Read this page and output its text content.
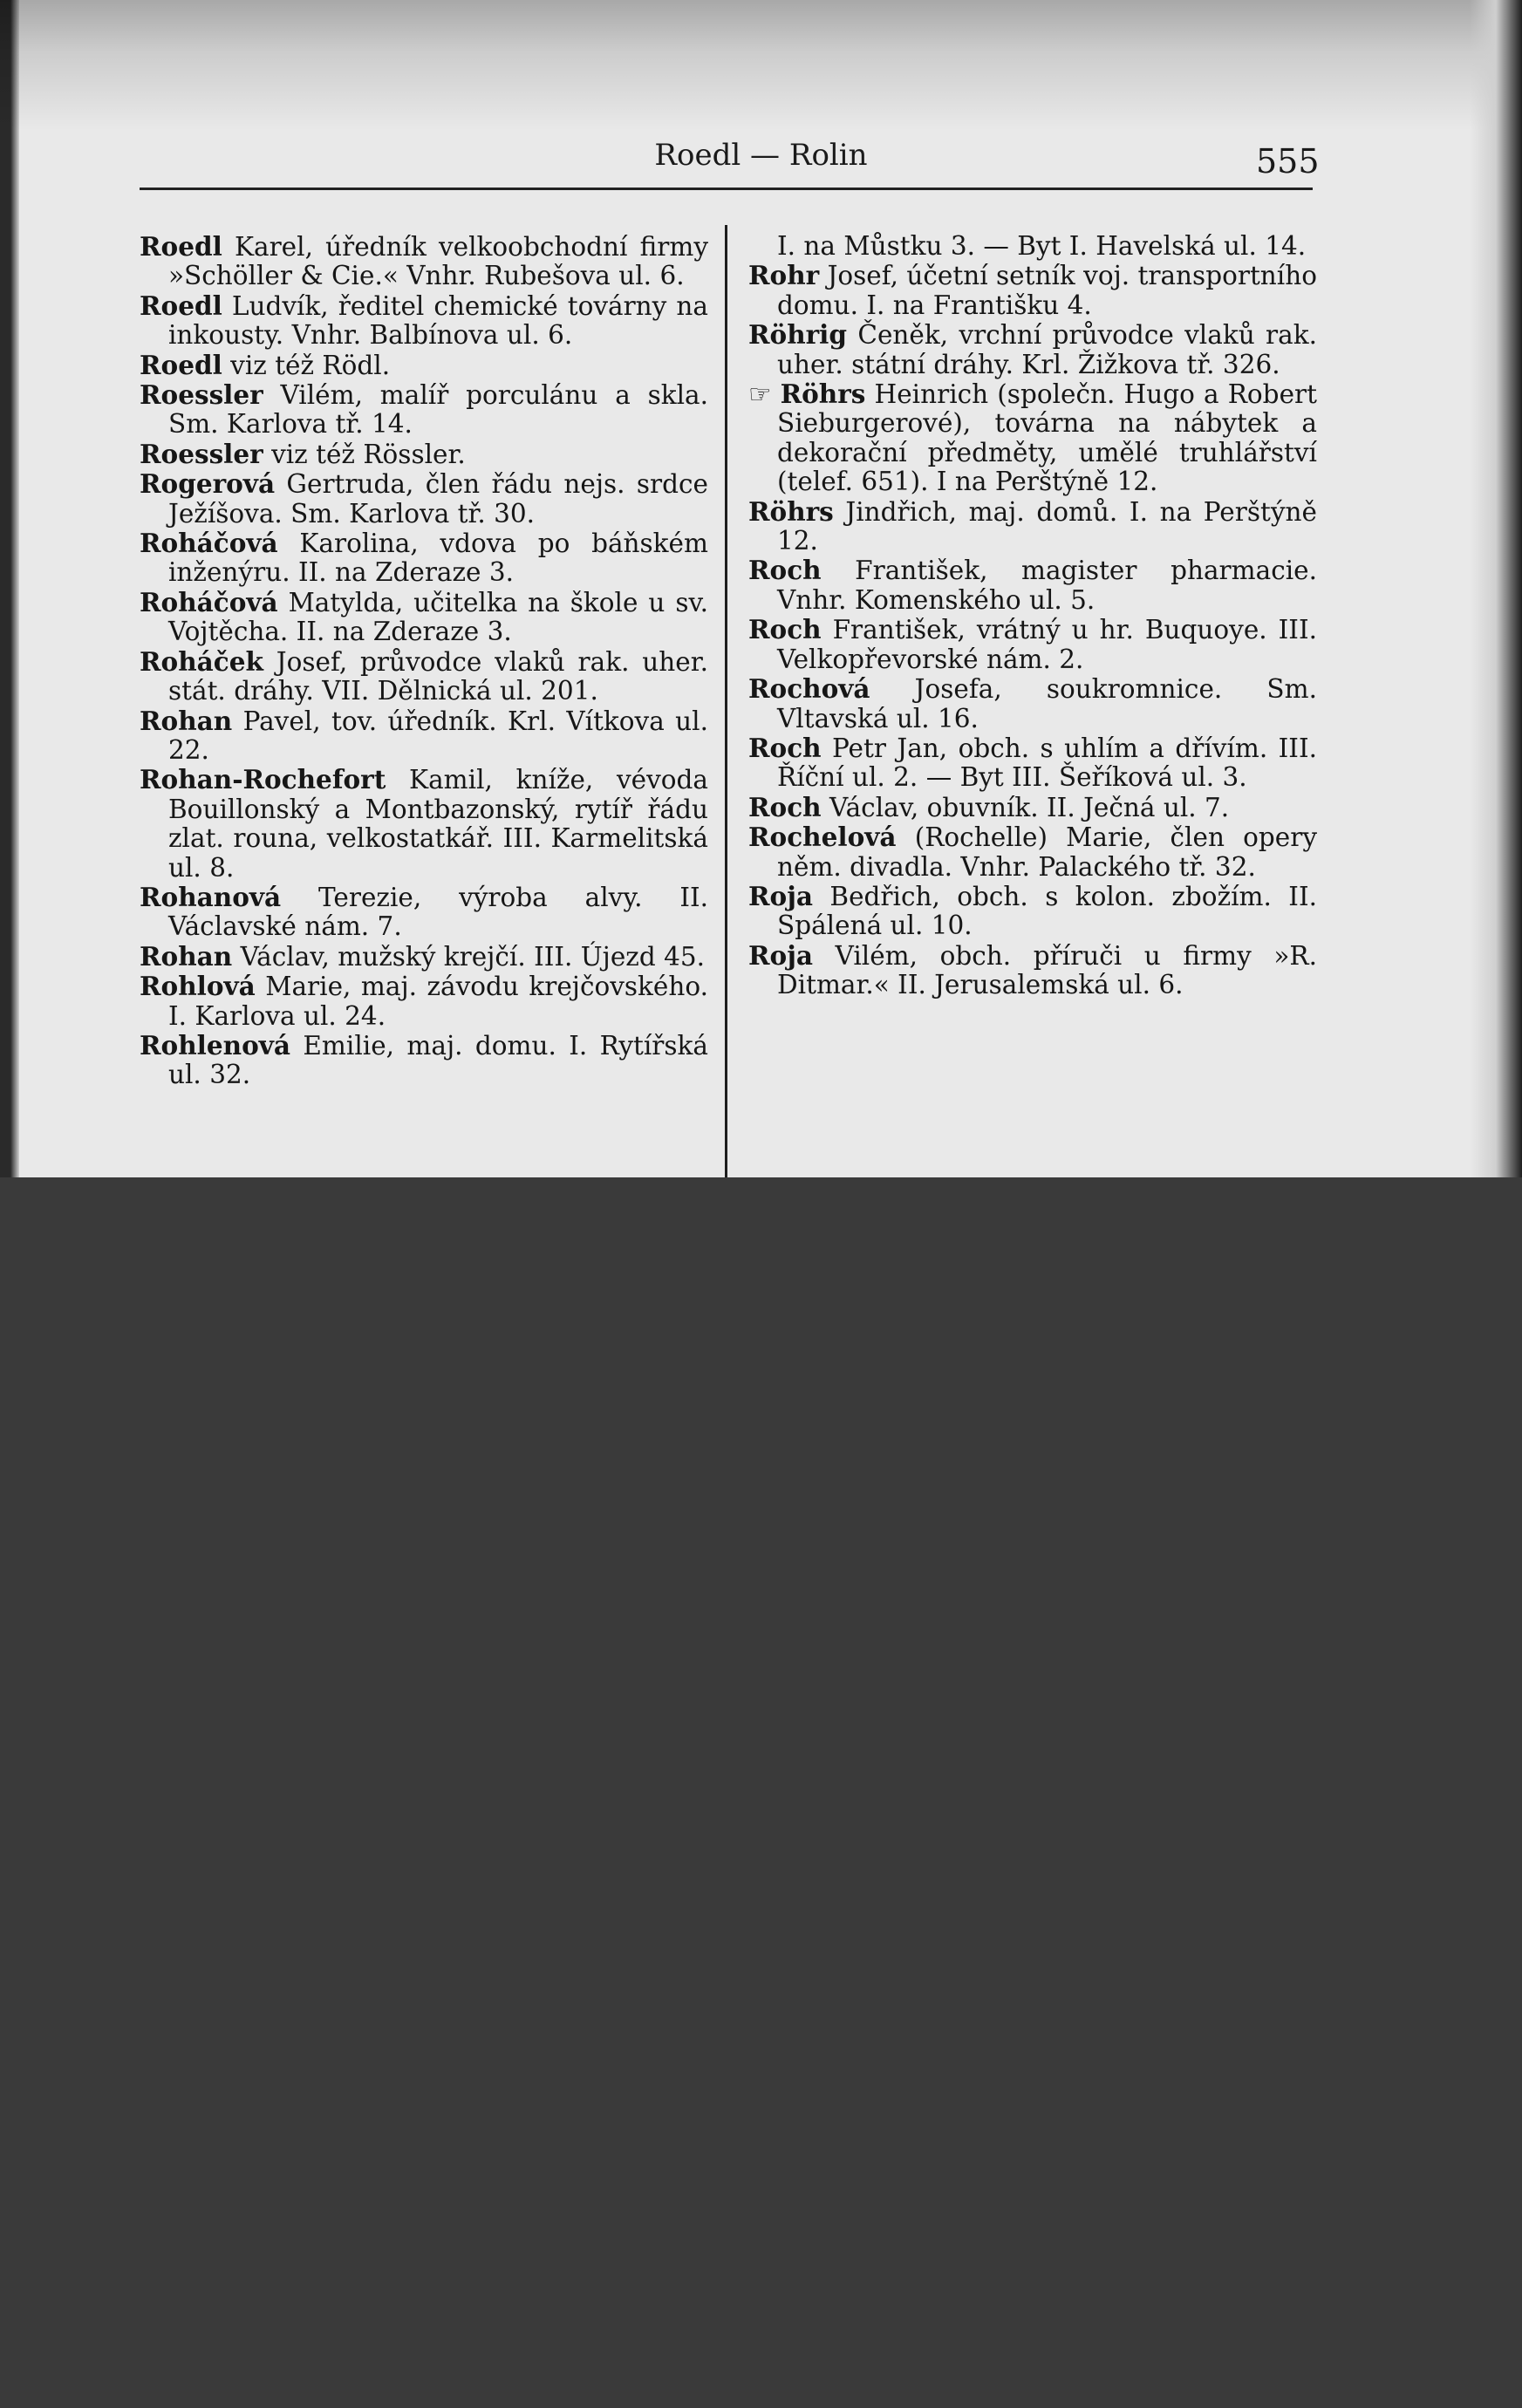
Roedl — Rolin	555
Roedl Karel, úředník velkoobchodní firmy »Schöller & Cie.« Vnhr. Rubešova ul. 6.
Roedl Ludvík, ředitel chemické továrny na inkousty. Vnhr. Balbínova ul. 6.
Roedl viz též Rödl.
Roessler Vilém, malíř porculánu a skla. Sm. Karlova tř. 14.
Roessler viz též Rössler.
Rogerová Gertruda, člen řádu nejs. srdce Ježíšova. Sm. Karlova tř. 30.
Roháčová Karolina, vdova po báňském inženýru. II. na Zderaze 3.
Roháčová Matylda, učitelka na škole u sv. Vojtěcha. II. na Zderaze 3.
Roháček Josef, průvodce vlaků rak. uher. stát. dráhy. VII. Dělnická ul. 201.
Rohan Pavel, tov. úředník. Krl. Vítkova ul. 22.
Rohan-Rochefort Kamil, kníže, vévoda Bouillonský a Montbazonský, rytíř řádu zlat. rouna, velkostatkář. III. Karmelitská ul. 8.
Rohanová Terezie, výroba alvy. II. Václavské nám. 7.
Rohan Václav, mužský krejčí. III. Újezd 45.
Rohlová Marie, maj. závodu krejčovského. I. Karlova ul. 24.
Rohlenová Emilie, maj. domu. I. Rytířská ul. 32.
I. na Můstku 3. — Byt I. Havelská ul. 14.
Rohr Josef, účetní setník voj. transportního domu. I. na Františku 4.
Röhrig Čeněk, vrchní průvodce vlaků rak. uher. státní dráhy. Krl. Žižkova tř. 326.
☞ Röhrs Heinrich (společn. Hugo a Robert Sieburgerové), továrna na nábytek a dekorační předměty, umělé truhlářství (telef. 651). I na Perštýně 12.
Röhrs Jindřich, maj. domů. I. na Perštýně 12.
Roch František, magister pharmacie. Vnhr. Komenského ul. 5.
Roch František, vrátný u hr. Buquoye. III. Velkopřevorské nám. 2.
Rochová Josefa, soukromnice. Sm. Vltavská ul. 16.
Roch Petr Jan, obch. s uhlím a dřívím. III. Říční ul. 2. — Byt III. Šeříková ul. 3.
Roch Václav, obuvník. II. Ječná ul. 7.
Rochelová (Rochelle) Marie, člen opery něm. divadla. Vnhr. Palackého tř. 32.
Roja Bedřich, obch. s kolon. zbožím. II. Spálená ul. 10.
Roja Vilém, obch. příruči u firmy »R. Ditmar.« II. Jerusalemská ul. 6.
